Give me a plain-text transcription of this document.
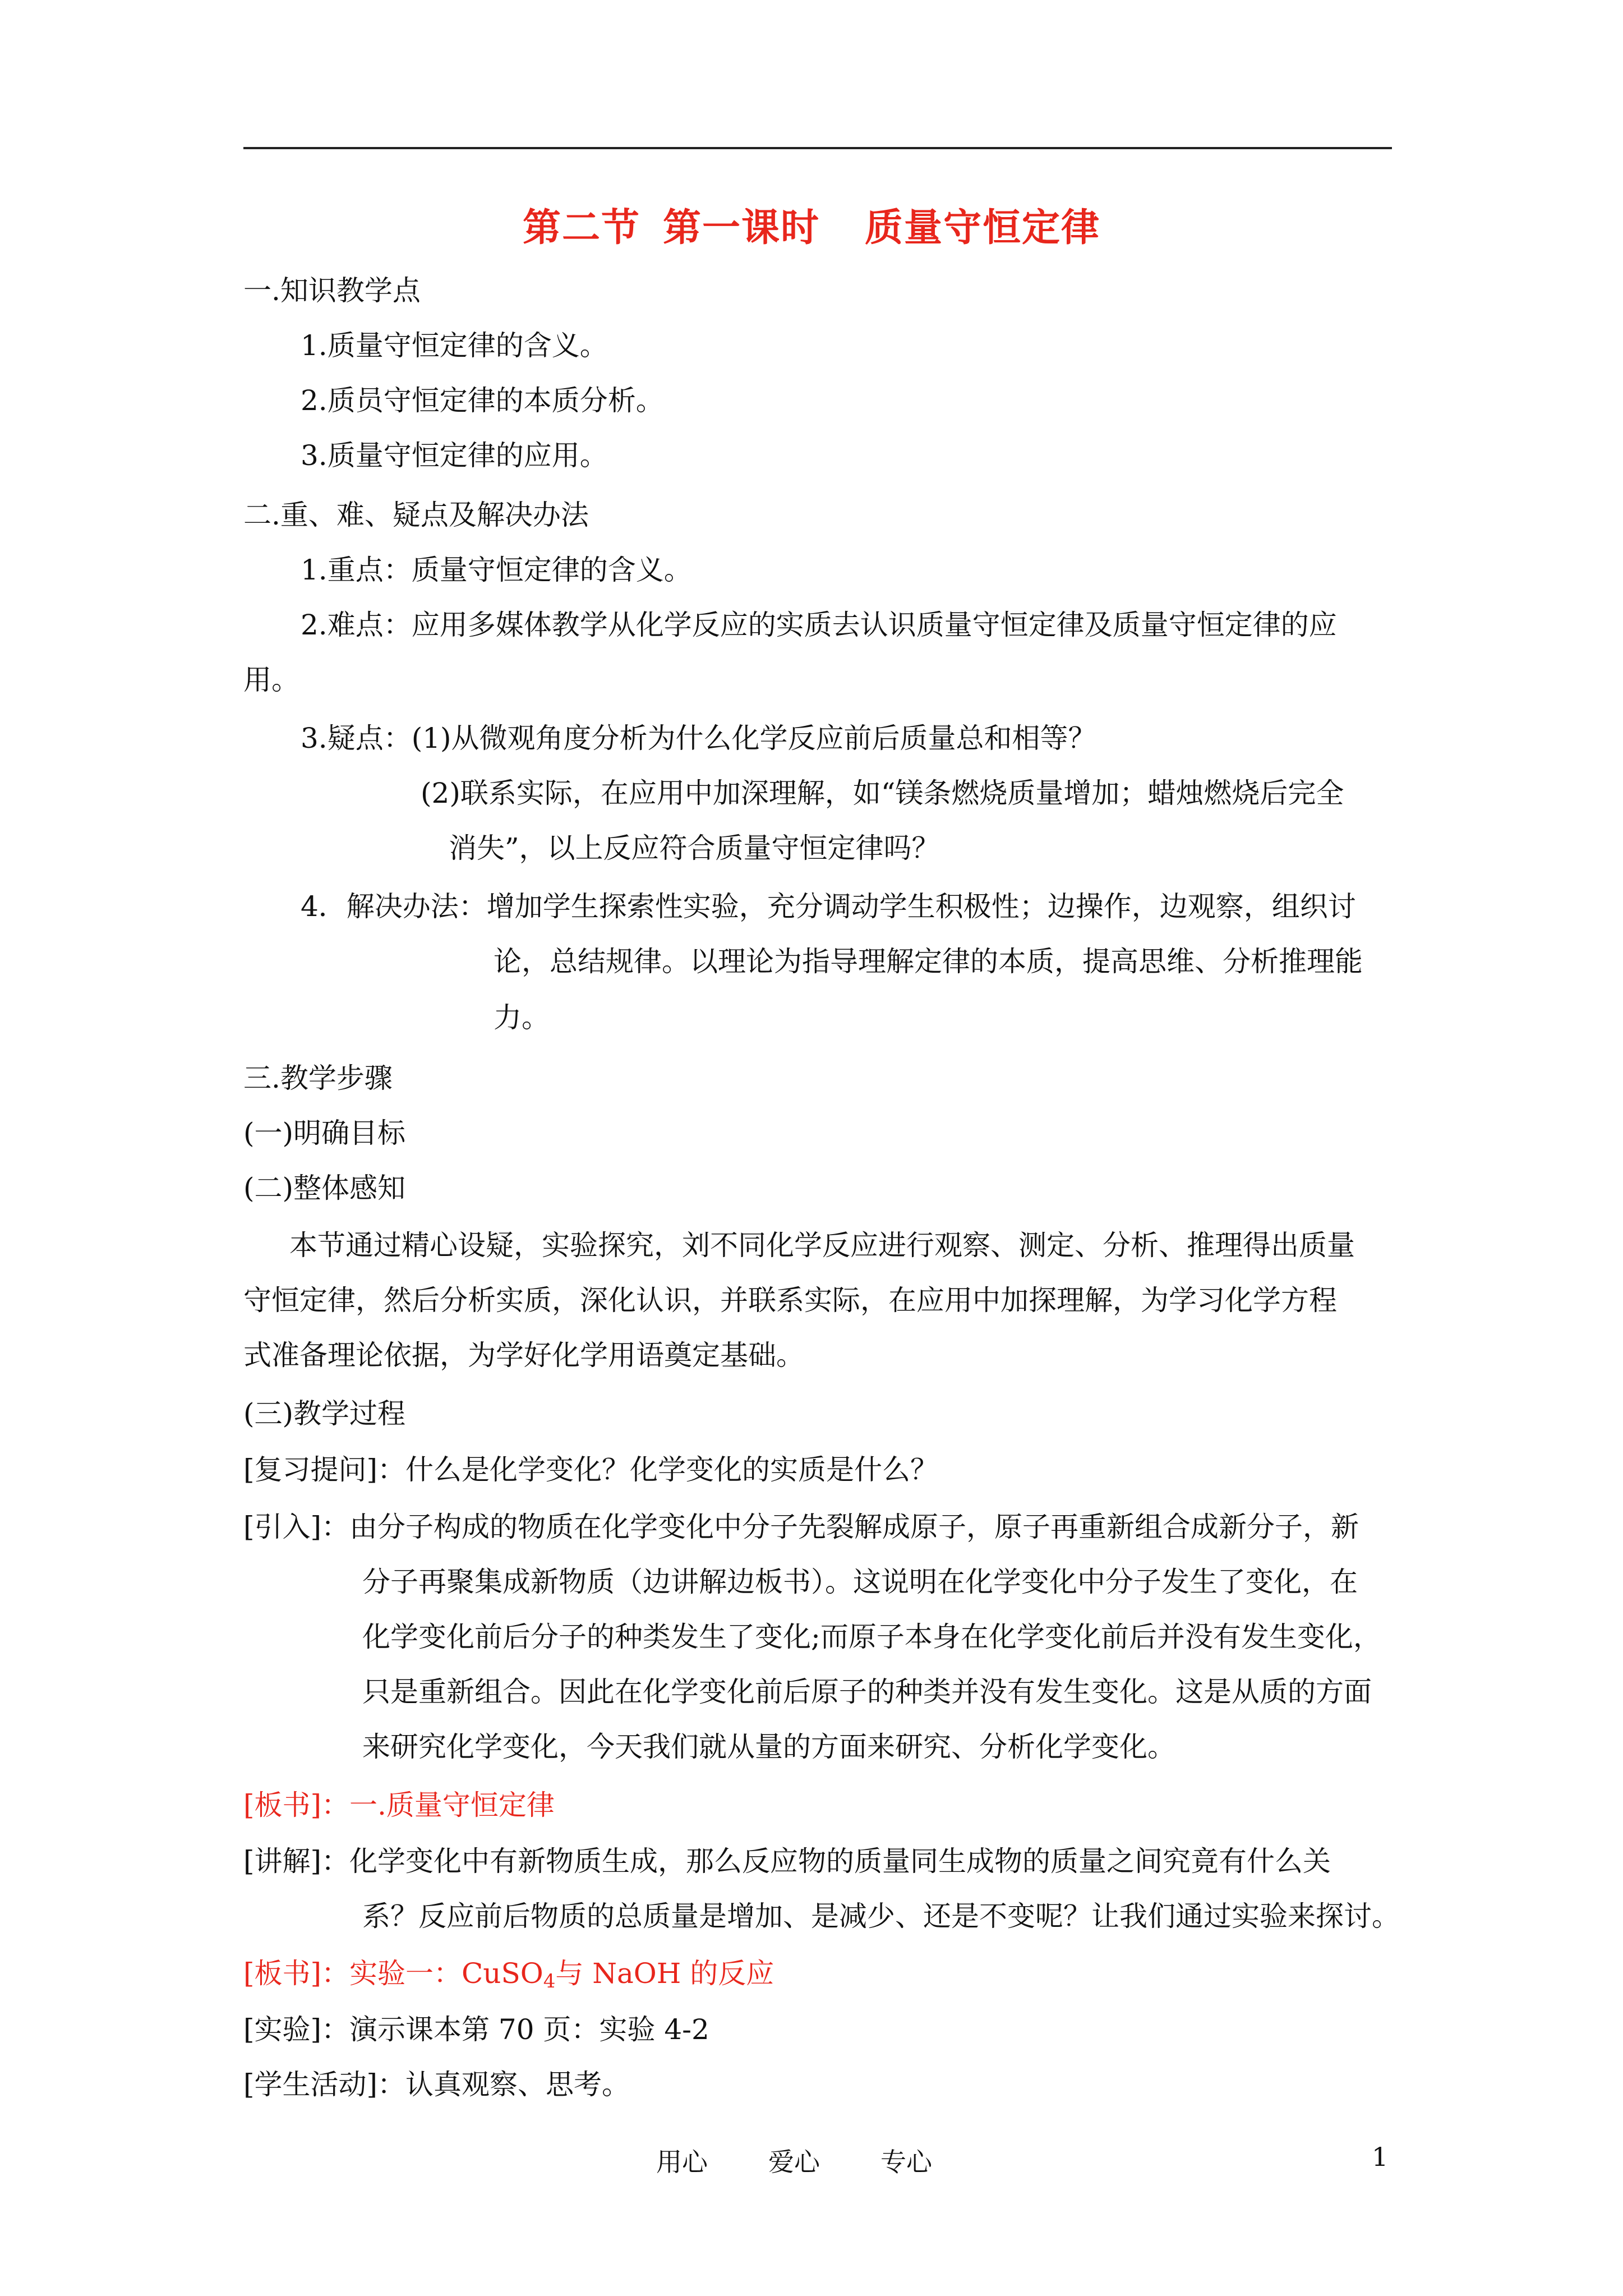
第二节 第一课时 质量守恒定律
一.知识教学点
1.质量守恒定律的含义。
2.质员守恒定律的本质分析。
3.质量守恒定律的应用。
二.重、难、疑点及解决办法
1.重点：质量守恒定律的含义。
2.难点：应用多媒体教学从化学反应的实质去认识质量守恒定律及质量守恒定律的应
用。
3.疑点：(1)从微观角度分析为什么化学反应前后质量总和相等？
(2)联系实际，在应用中加深理解，如“镁条燃烧质量增加；蜡烛燃烧后完全
消失”，以上反应符合质量守恒定律吗？
4．解决办法：增加学生探索性实验，充分调动学生积极性；边操作，边观察，组织讨
论，总结规律。以理论为指导理解定律的本质，提高思维、分析推理能
力。
三.教学步骤
(一)明确目标
(二)整体感知
本节通过精心设疑，实验探究，刘不同化学反应进行观察、测定、分析、推理得出质量
守恒定律，然后分析实质，深化认识，并联系实际，在应用中加探理解，为学习化学方程
式准备理论依据，为学好化学用语奠定基础。
(三)教学过程
[复习提问]：什么是化学变化？化学变化的实质是什么？
[引入]：由分子构成的物质在化学变化中分子先裂解成原子，原子再重新组合成新分子，新
分子再聚集成新物质（边讲解边板书）。这说明在化学变化中分子发生了变化，在
化学变化前后分子的种类发生了变化;而原子本身在化学变化前后并没有发生变化，
只是重新组合。因此在化学变化前后原子的种类并没有发生变化。这是从质的方面
来研究化学变化，今天我们就从量的方面来研究、分析化学变化。
[板书]：一.质量守恒定律
[讲解]：化学变化中有新物质生成，那么反应物的质量同生成物的质量之间究竟有什么关
系？反应前后物质的总质量是增加、是减少、还是不变呢？让我们通过实验来探讨。
[板书]：实验一：CuSO$_4$与 NaOH 的反应
[实验]：演示课本第 70 页：实验 4-2
[学生活动]：认真观察、思考。
用心 爱心 专心	1
